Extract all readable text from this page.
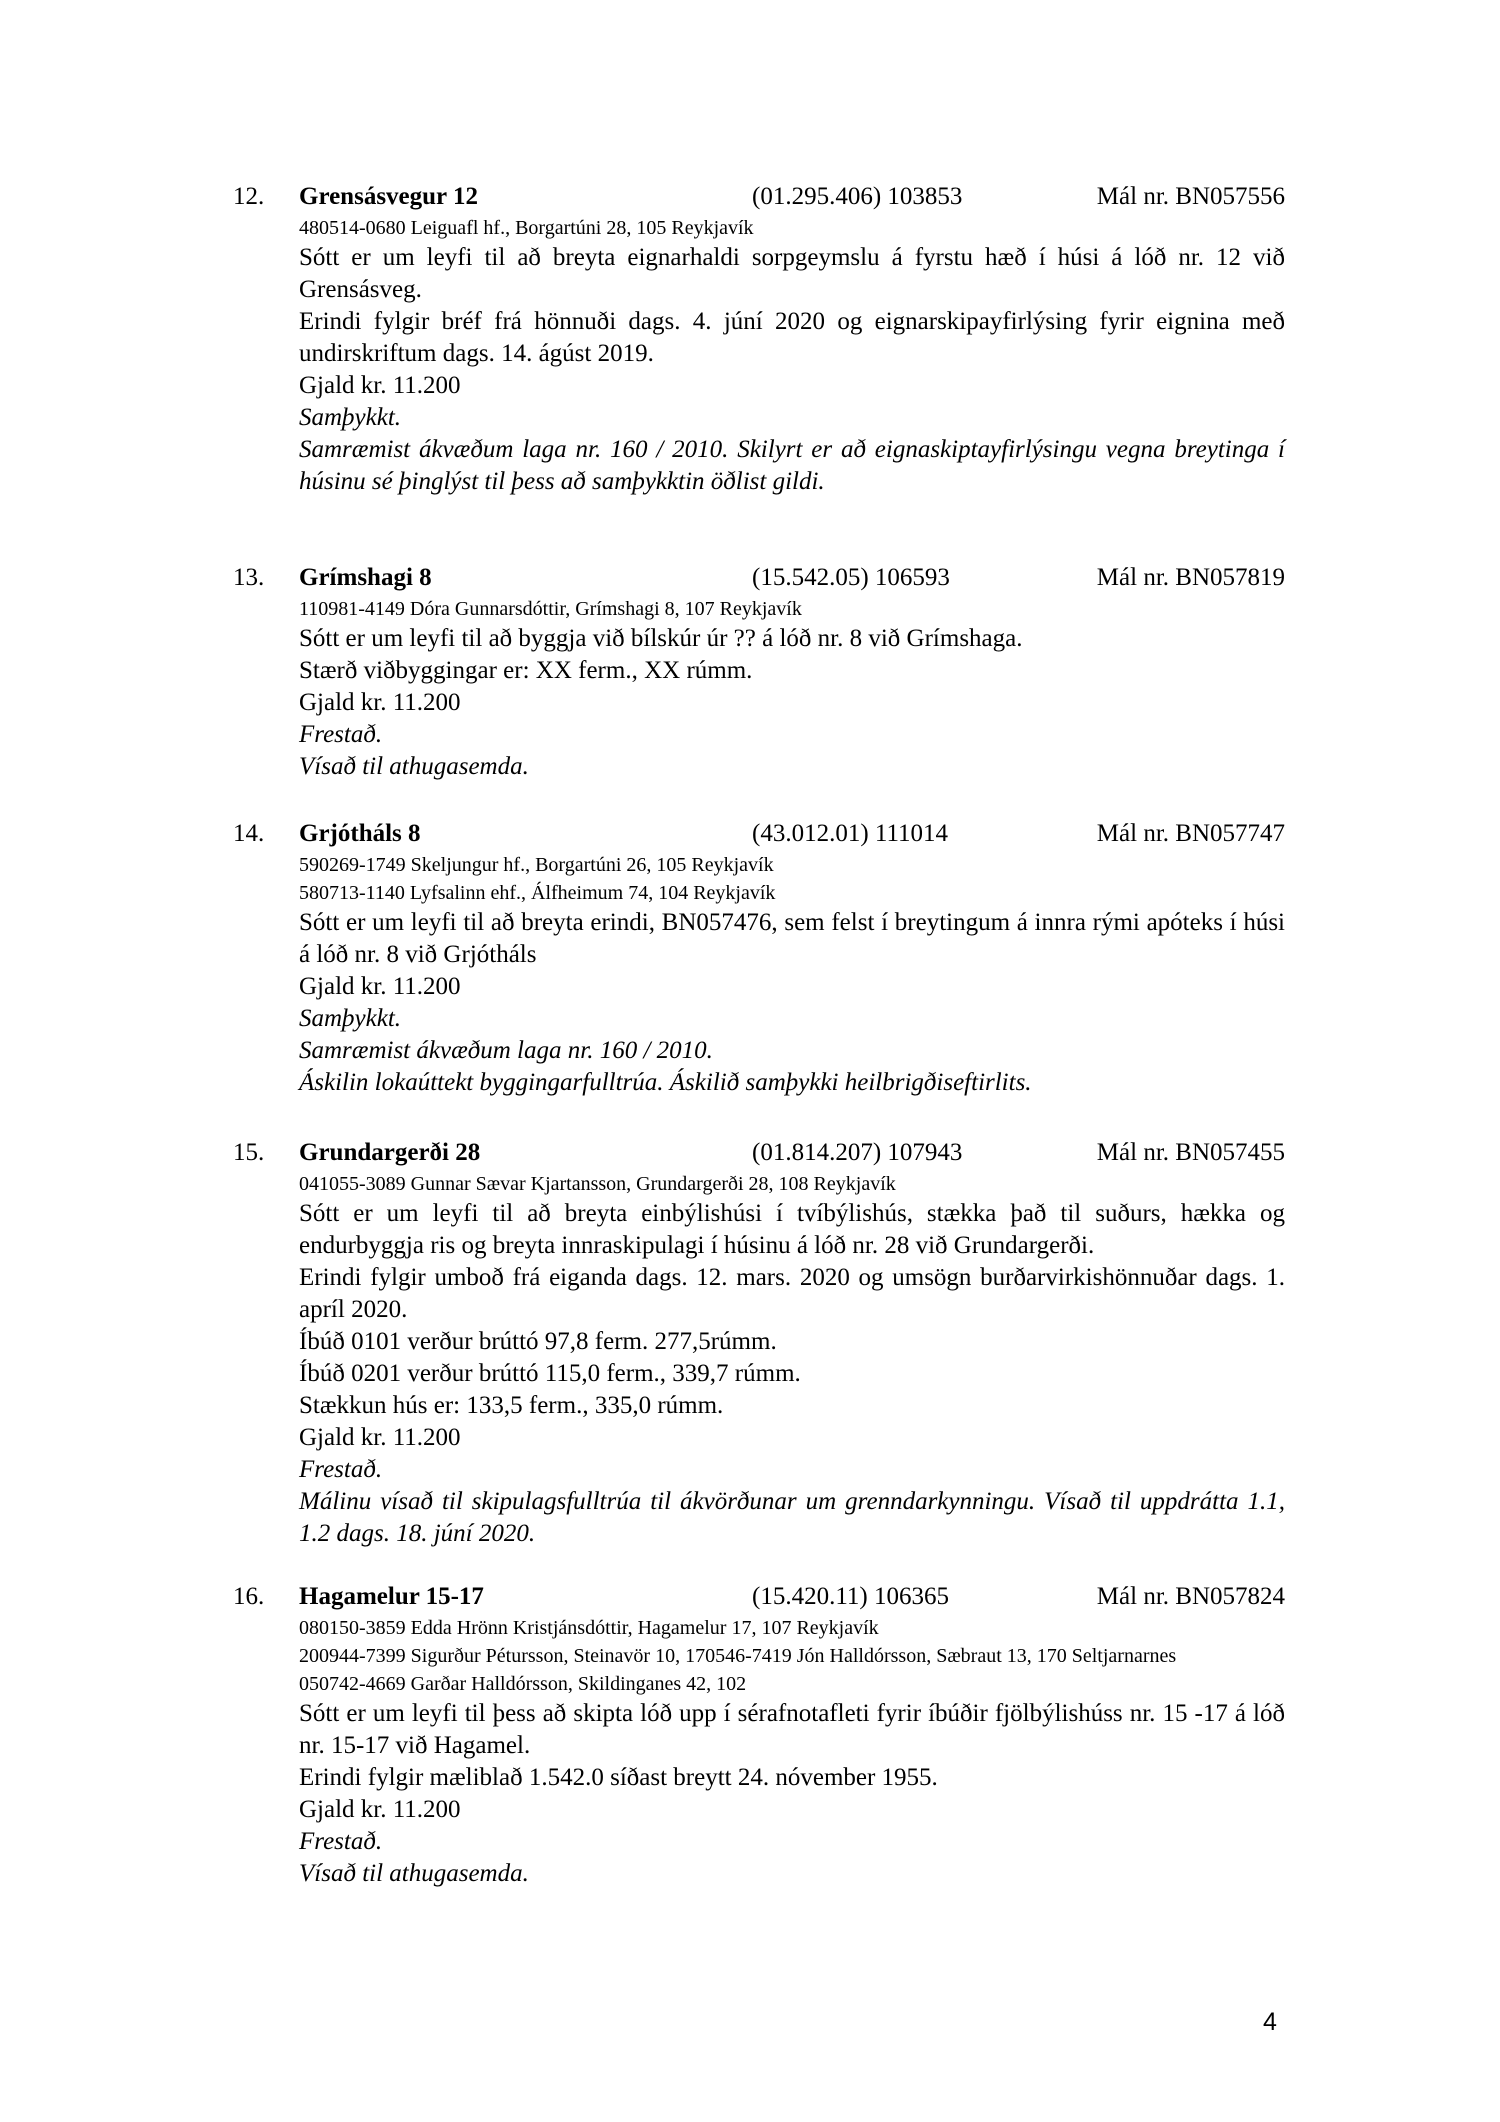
12. Grensásvegur 12	(01.295.406) 103853	Mál nr. BN057556
480514-0680 Leiguafl hf., Borgartúni 28, 105 Reykjavík
Sótt er um leyfi til að breyta eignarhaldi sorpgeymslu á fyrstu hæð í húsi á lóð nr. 12 við Grensásveg.
Erindi fylgir bréf frá hönnuði dags. 4. júní 2020 og eignarskipayfirlýsing fyrir eignina með undirskriftum dags. 14. ágúst 2019.
Gjald kr. 11.200
Samþykkt.
Samræmist ákvæðum laga nr. 160 / 2010. Skilyrt er að eignaskiptayfirlýsingu vegna breytinga í húsinu sé þinglýst til þess að samþykktin öðlist gildi.
13. Grímshagi 8	(15.542.05) 106593	Mál nr. BN057819
110981-4149 Dóra Gunnarsdóttir, Grímshagi 8, 107 Reykjavík
Sótt er um leyfi til að byggja við bílskúr úr ?? á lóð nr. 8 við Grímshaga.
Stærð viðbyggingar er: XX ferm., XX rúmm.
Gjald kr. 11.200
Frestað.
Vísað til athugasemda.
14. Grjótháls 8	(43.012.01) 111014	Mál nr. BN057747
590269-1749 Skeljungur hf., Borgartúni 26, 105 Reykjavík
580713-1140 Lyfsalinn ehf., Álfheimum 74, 104 Reykjavík
Sótt er um leyfi til að breyta erindi, BN057476, sem felst í breytingum á innra rými apóteks í húsi á lóð nr. 8 við Grjótháls
Gjald kr. 11.200
Samþykkt.
Samræmist ákvæðum laga nr. 160 / 2010.
Áskilin lokaúttekt byggingarfulltrúa. Áskilið samþykki heilbrigðiseftirlits.
15. Grundargerði 28	(01.814.207) 107943	Mál nr. BN057455
041055-3089 Gunnar Sævar Kjartansson, Grundargerði 28, 108 Reykjavík
Sótt er um leyfi til að breyta einbýlishúsi í tvíbýlishús, stækka það til suðurs, hækka og endurbyggja ris og breyta innraskipulagi í húsinu á lóð nr. 28 við Grundargerði.
Erindi fylgir umboð frá eiganda dags. 12. mars. 2020 og umsögn burðarvirkishönnuðar dags. 1. apríl 2020.
Íbúð 0101 verður brúttó 97,8 ferm. 277,5rúmm.
Íbúð 0201 verður brúttó 115,0 ferm., 339,7 rúmm.
Stækkun hús er: 133,5 ferm., 335,0 rúmm.
Gjald kr. 11.200
Frestað.
Málinu vísað til skipulagsfulltrúa til ákvörðunar um grenndarkynningu. Vísað til uppdrátta 1.1, 1.2 dags. 18. júní 2020.
16. Hagamelur 15-17	(15.420.11) 106365	Mál nr. BN057824
080150-3859 Edda Hrönn Kristjánsdóttir, Hagamelur 17, 107 Reykjavík
200944-7399 Sigurður Pétursson, Steinavör 10, 170546-7419 Jón Halldórsson, Sæbraut 13, 170 Seltjarnarnes
050742-4669 Garðar Halldórsson, Skildinganes 42, 102
Sótt er um leyfi til þess að skipta lóð upp í sérafnotafleti fyrir íbúðir fjölbýlishúss nr. 15 -17 á lóð nr. 15-17 við Hagamel.
Erindi fylgir mæliblað 1.542.0 síðast breytt 24. nóvember 1955.
Gjald kr. 11.200
Frestað.
Vísað til athugasemda.
4
